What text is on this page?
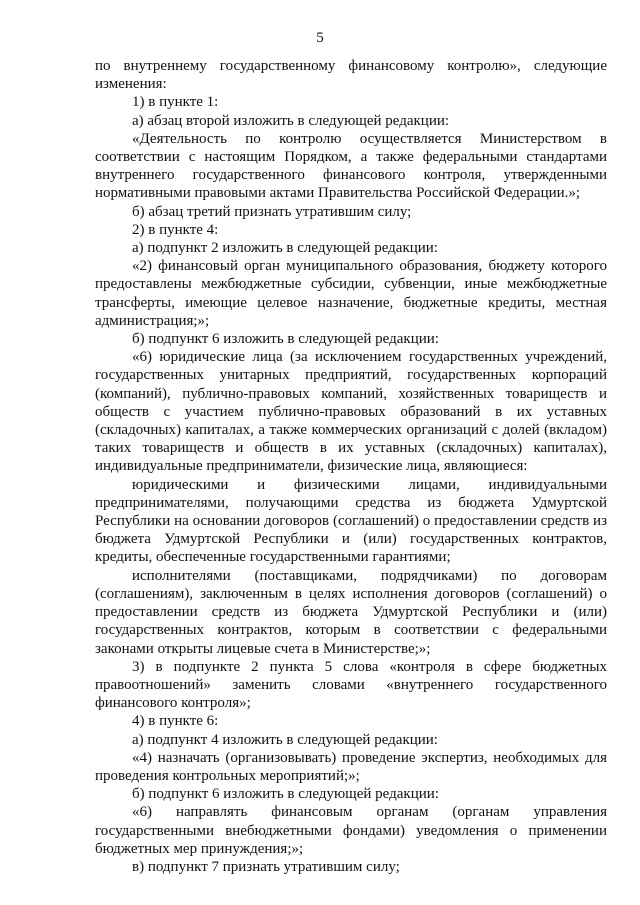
5

по внутреннему государственному финансовому контролю», следующие изменения:

1) в пункте 1:

а) абзац второй изложить в следующей редакции:

«Деятельность по контролю осуществляется Министерством в соответствии с настоящим Порядком, а также федеральными стандартами внутреннего государственного финансового контроля, утвержденными нормативными правовыми актами Правительства Российской Федерации.»;

б) абзац третий признать утратившим силу;

2) в пункте 4:

а) подпункт 2 изложить в следующей редакции:

«2) финансовый орган муниципального образования, бюджету которого предоставлены межбюджетные субсидии, субвенции, иные межбюджетные трансферты, имеющие целевое назначение, бюджетные кредиты, местная администрация;»;

б) подпункт 6 изложить в следующей редакции:

«6) юридические лица (за исключением государственных учреждений, государственных унитарных предприятий, государственных корпораций (компаний), публично-правовых компаний, хозяйственных товариществ и обществ с участием публично-правовых образований в их уставных (складочных) капиталах, а также коммерческих организаций с долей (вкладом) таких товариществ и обществ в их уставных (складочных) капиталах), индивидуальные предприниматели, физические лица, являющиеся:

юридическими и физическими лицами, индивидуальными предпринимателями, получающими средства из бюджета Удмуртской Республики на основании договоров (соглашений) о предоставлении средств из бюджета Удмуртской Республики и (или) государственных контрактов, кредиты, обеспеченные государственными гарантиями;

исполнителями (поставщиками, подрядчиками) по договорам (соглашениям), заключенным в целях исполнения договоров (соглашений) о предоставлении средств из бюджета Удмуртской Республики и (или) государственных контрактов, которым в соответствии с федеральными законами открыты лицевые счета в Министерстве;»;

3) в подпункте 2 пункта 5 слова «контроля в сфере бюджетных правоотношений» заменить словами «внутреннего государственного финансового контроля»;

4) в пункте 6:

а) подпункт 4 изложить в следующей редакции:

«4) назначать (организовывать) проведение экспертиз, необходимых для проведения контрольных мероприятий;»;

б) подпункт 6 изложить в следующей редакции:

«6) направлять финансовым органам (органам управления государственными внебюджетными фондами) уведомления о применении бюджетных мер принуждения;»;

в) подпункт 7 признать утратившим силу;
